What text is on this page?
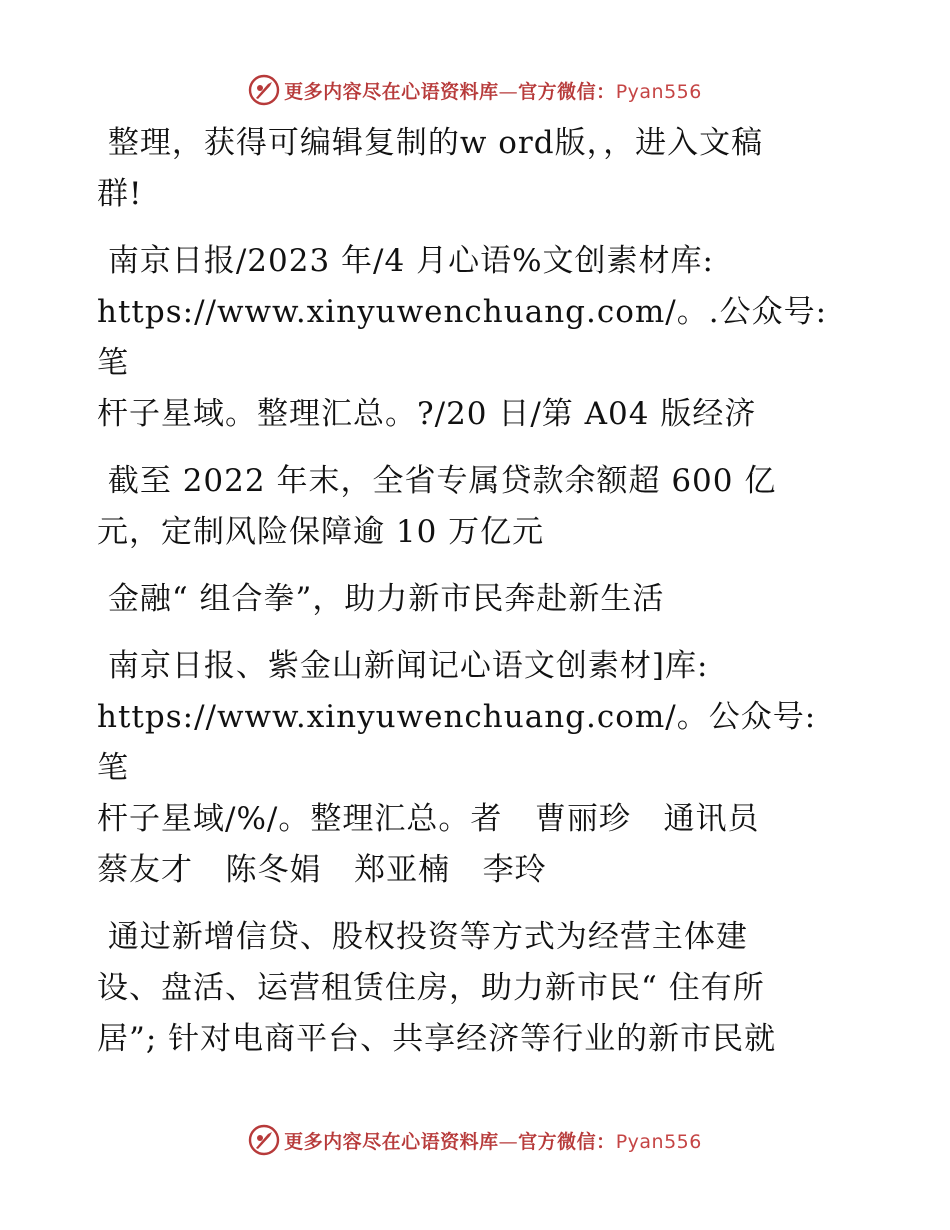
更多内容尽在心语资料库—官方微信：Pyan556
整理，获得可编辑复制的w ord版，，进入文稿
群!
南京日报/2023 年/4 月心语%文创素材库:
https://www.xinyuwenchuang.com/。.公众号: 笔
杆子星域。整理汇总。?/20 日/第 A04 版经济
截至 2022 年末，全省专属贷款余额超 600 亿
元，定制风险保障逾 10 万亿元
金融“ 组合拳”，助力新市民奔赴新生活
南京日报、紫金山新闻记心语文创素材]库:
https://www.xinyuwenchuang.com/。公众号: 笔
杆子星域/%/。整理汇总。者   曹丽珍   通讯员
蔡友才   陈冬娟   郑亚楠   李玲
通过新增信贷、股权投资等方式为经营主体建
设、盘活、运营租赁住房，助力新市民“ 住有所
居”; 针对电商平台、共享经济等行业的新市民就
更多内容尽在心语资料库—官方微信：Pyan556
